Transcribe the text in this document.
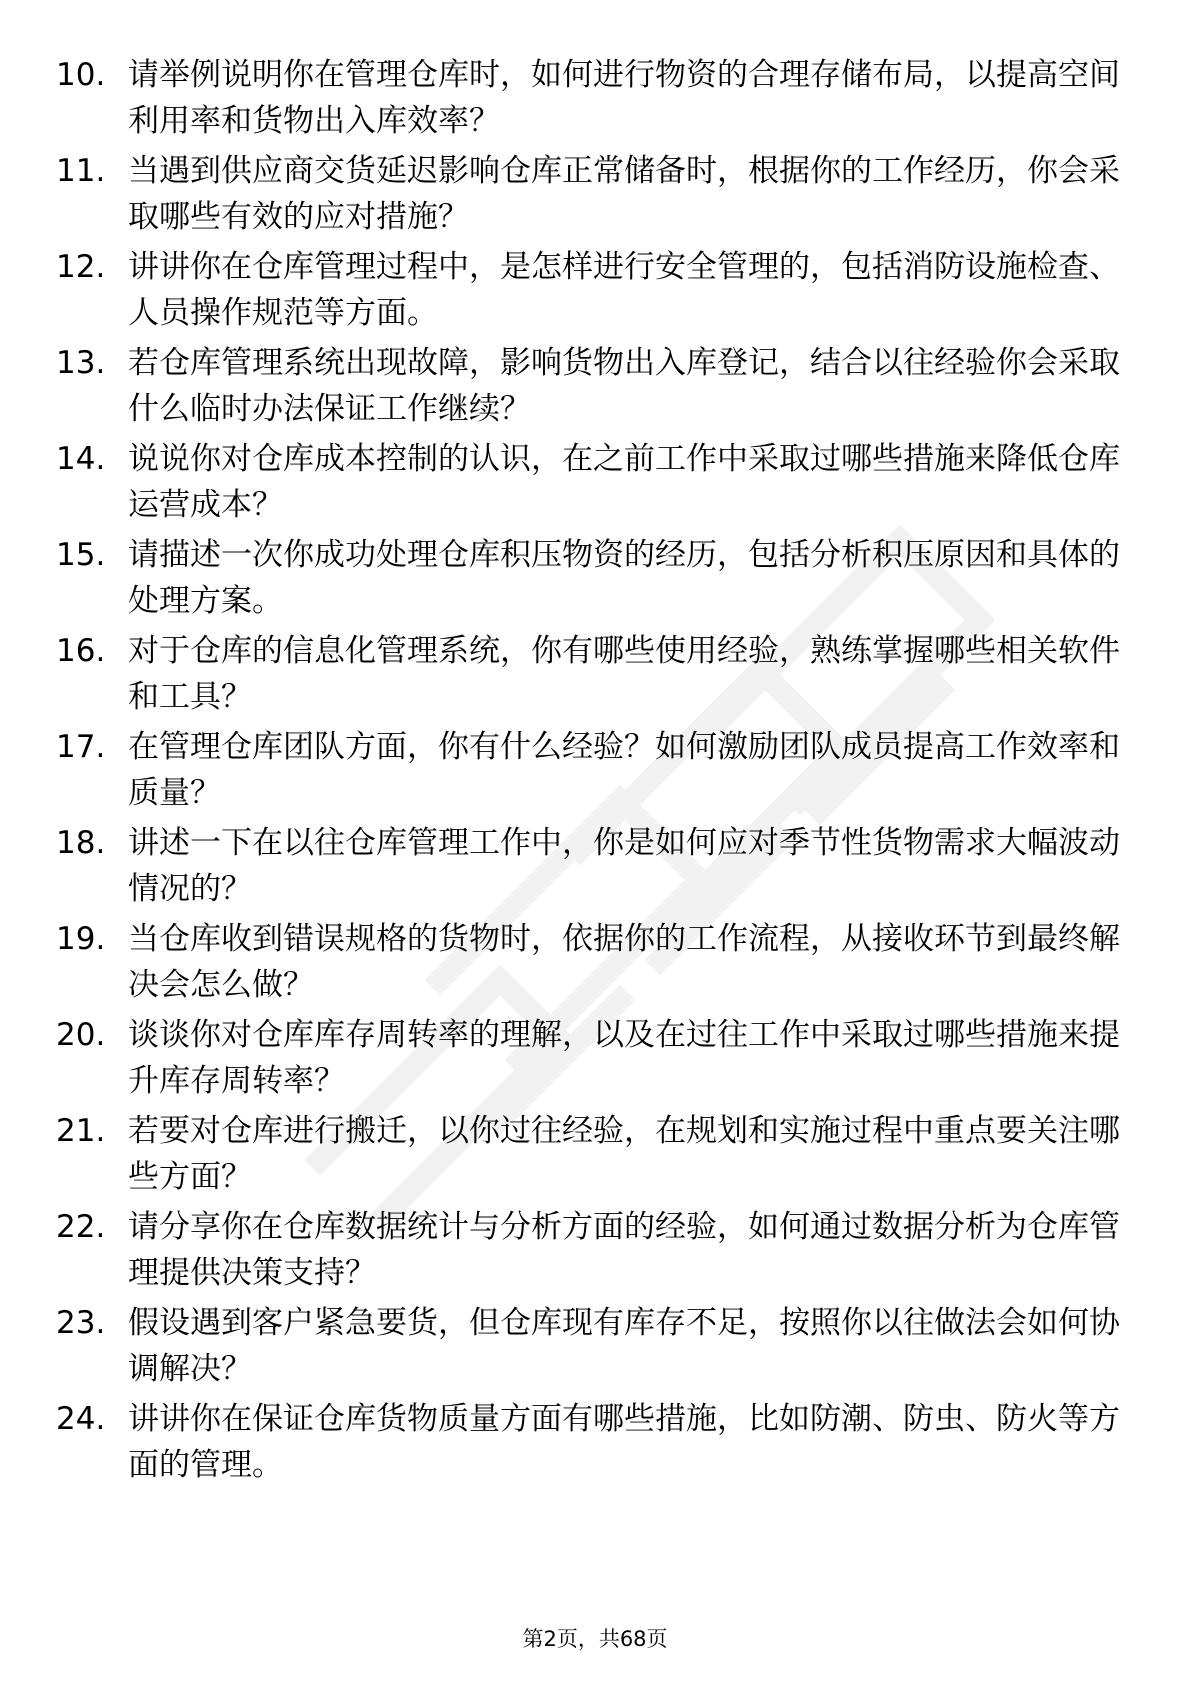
10. 请举例说明你在管理仓库时，如何进行物资的合理存储布局，以提高空间利用率和货物出入库效率？
11. 当遇到供应商交货延迟影响仓库正常储备时，根据你的工作经历，你会采取哪些有效的应对措施？
12. 讲讲你在仓库管理过程中，是怎样进行安全管理的，包括消防设施检查、人员操作规范等方面。
13. 若仓库管理系统出现故障，影响货物出入库登记，结合以往经验你会采取什么临时办法保证工作继续？
14. 说说你对仓库成本控制的认识，在之前工作中采取过哪些措施来降低仓库运营成本？
15. 请描述一次你成功处理仓库积压物资的经历，包括分析积压原因和具体的处理方案。
16. 对于仓库的信息化管理系统，你有哪些使用经验，熟练掌握哪些相关软件和工具？
17. 在管理仓库团队方面，你有什么经验？如何激励团队成员提高工作效率和质量？
18. 讲述一下在以往仓库管理工作中，你是如何应对季节性货物需求大幅波动情况的？
19. 当仓库收到错误规格的货物时，依据你的工作流程，从接收环节到最终解决会怎么做？
20. 谈谈你对仓库库存周转率的理解，以及在过往工作中采取过哪些措施来提升库存周转率？
21. 若要对仓库进行搬迁，以你过往经验，在规划和实施过程中重点要关注哪些方面？
22. 请分享你在仓库数据统计与分析方面的经验，如何通过数据分析为仓库管理提供决策支持？
23. 假设遇到客户紧急要货，但仓库现有库存不足，按照你以往做法会如何协调解决？
24. 讲讲你在保证仓库货物质量方面有哪些措施，比如防潮、防虫、防火等方面的管理。
第2页，共68页
